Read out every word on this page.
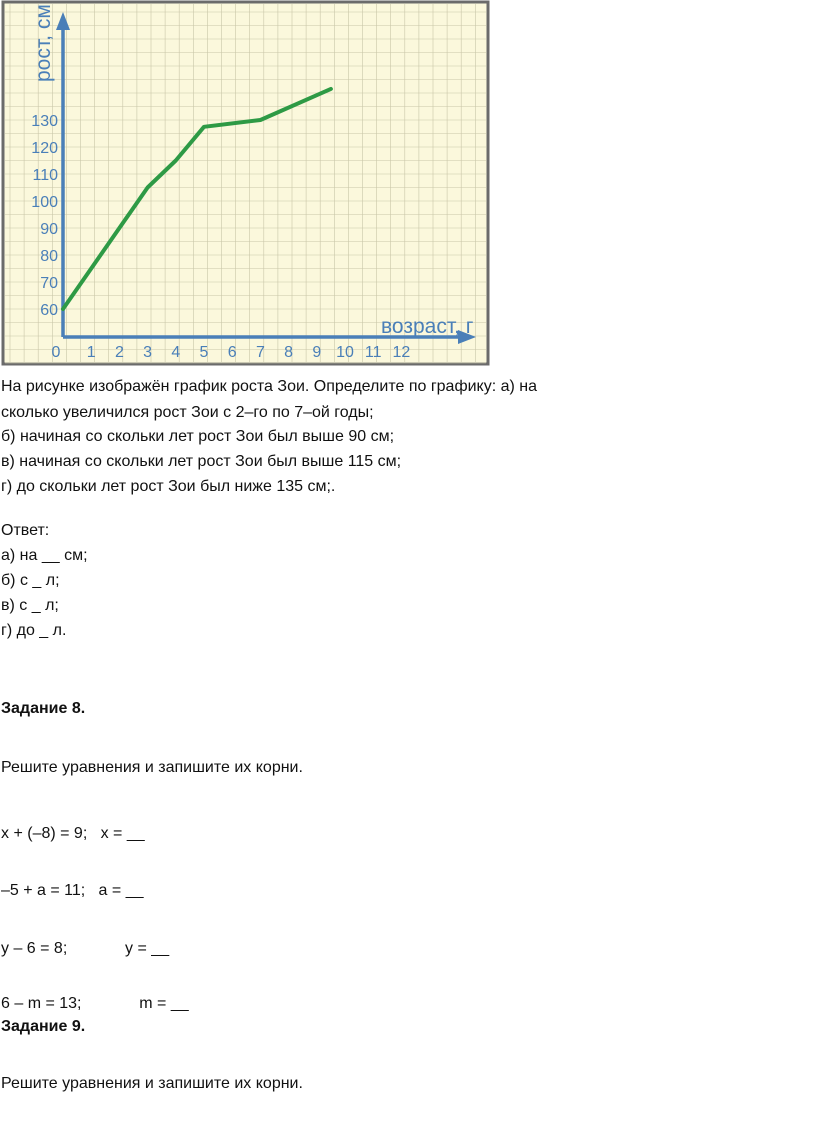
0 1 2 3 4 5 6 7 8 9 10 11 12
60
70
80
90
100
110
120
130
рост, см
возраст, г
На рисунке изображён график роста Зои. Определите по графику: а) на
сколько увеличился рост Зои с 2–го по 7–ой годы;
б) начиная со скольки лет рост Зои был выше 90 см;
в) начиная со скольки лет рост Зои был выше 115 см;
г) до скольки лет рост Зои был ниже 135 см;.
Ответ:
а) на __ см;
б) с _ л;
в) с _ л;
г) до _ л.
Задание 8.
Решите уравнения и запишите их корни.
x + (–8) = 9;   x = __
–5 + a = 11;   a = __
y – 6 = 8;             y = __
6 – m = 13;             m = __
Задание 9.
Решите уравнения и запишите их корни.
